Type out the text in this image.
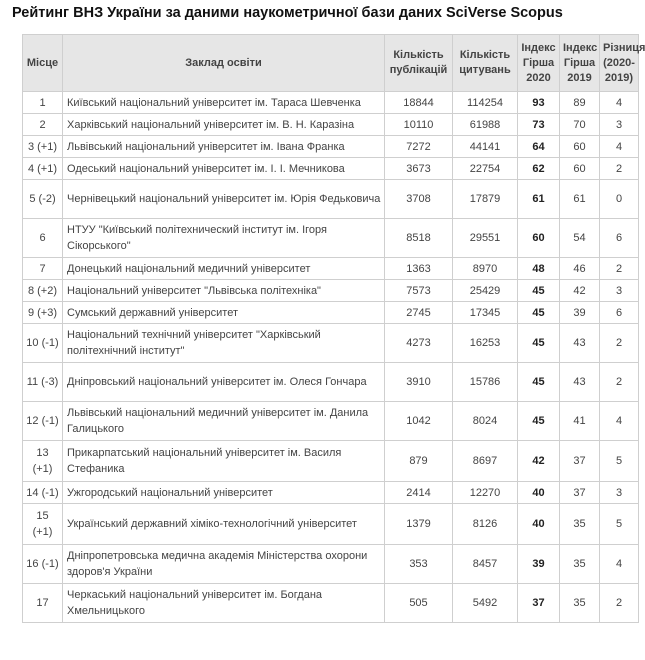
Рейтинг ВНЗ України за даними наукометричної бази даних SciVerse Scopus
Місце	Заклад освіти	Кількість публікацій	Кількість цитувань	Індекс Гірша 2020	Індекс Гірша 2019	Різниця (2020-2019)
1	Київський національний університет ім. Тараса Шевченка	18844	114254	93	89	4
2	Харківський національний університет ім. В. Н. Каразіна	10110	61988	73	70	3
3 (+1)	Львівський національний університет ім. Івана Франка	7272	44141	64	60	4
4 (+1)	Одеський національний університет ім. І. І. Мечникова	3673	22754	62	60	2
5 (-2)	Чернівецький національний університет ім. Юрія Федьковича	3708	17879	61	61	0
6	НТУУ "Київський політехнический інститут ім. Ігоря Сікорського"	8518	29551	60	54	6
7	Донецький національний медичний університет	1363	8970	48	46	2
8 (+2)	Національний університет "Львівська політехніка"	7573	25429	45	42	3
9 (+3)	Сумський державний університет	2745	17345	45	39	6
10 (-1)	Національний технічний університет "Харківський політехнічний інститут"	4273	16253	45	43	2
11 (-3)	Дніпровський національний університет ім. Олеся Гончара	3910	15786	45	43	2
12 (-1)	Львівський національний медичний університет ім. Данила Галицького	1042	8024	45	41	4
13 (+1)	Прикарпатський національний університет ім. Василя Стефаника	879	8697	42	37	5
14 (-1)	Ужгородський національний університет	2414	12270	40	37	3
15 (+1)	Український державний хіміко-технологічний університет	1379	8126	40	35	5
16 (-1)	Дніпропетровська медична академія Міністерства охорони здоров'я України	353	8457	39	35	4
17	Черкаський національний університет ім. Богдана Хмельницького	505	5492	37	35	2
